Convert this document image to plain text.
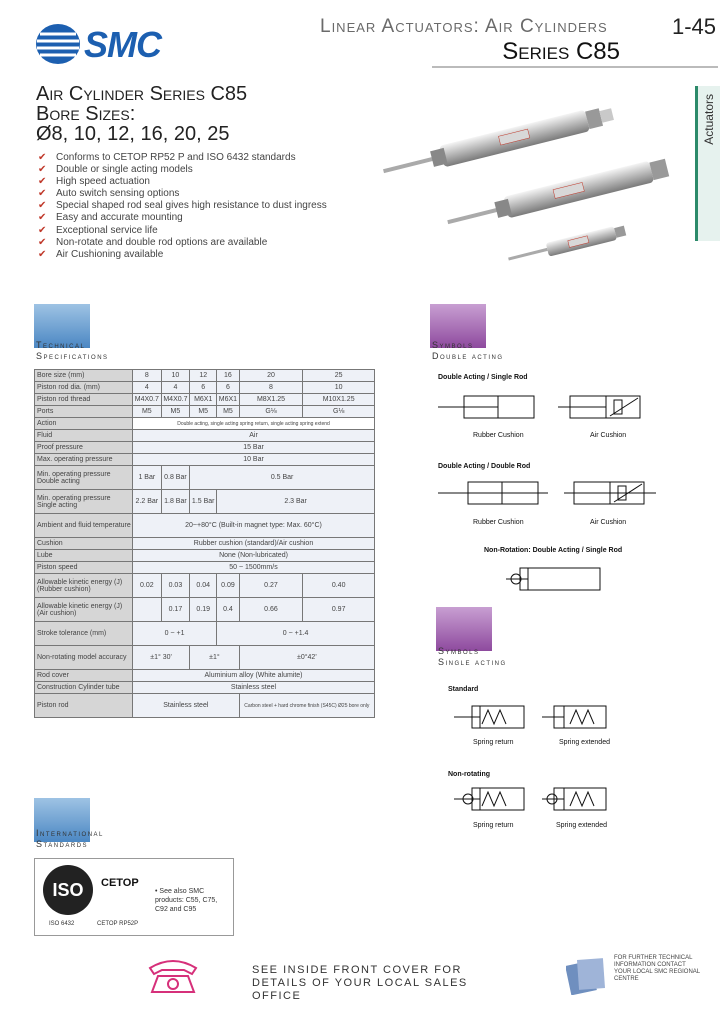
SMC	Linear Actuators: Air Cylinders
Series C85
1-45
Actuators
Air Cylinder Series C85
Bore Sizes:
Ø8, 10, 12, 16, 20, 25
✔ Conforms to CETOP RP52 P and ISO 6432 standards
✔ Double or single acting models
✔ High speed actuation
✔ Auto switch sensing options
✔ Special shaped rod seal gives high resistance to dust ingress
✔ Easy and accurate mounting
✔ Exceptional service life
✔ Non-rotate and double rod options are available
✔ Air Cushioning available
Technical
Specifications
Bore size (mm)	8	10	12	16	20	25
Piston rod dia. (mm)	4	4	6	6	8	10
Piston rod thread	M4X0.7	M4X0.7	M6X1	M6X1	M8X1.25	M10X1.25
Ports	M5	M5	M5	M5	G⅛	G⅛
Action	Double acting, single acting spring return, single acting spring extend					
Fluid	Air					
Proof pressure	15 Bar					
Max. operating pressure	10 Bar					
Min. operating pressure Double acting	1 Bar	0.8 Bar	0.5 Bar			
Min. operating pressure Single acting	2.2 Bar	1.8 Bar	1.5 Bar	2.3 Bar		
Ambient and fluid temperature	20~+80°C (Built-in magnet type: Max. 60°C)					
Cushion	Rubber cushion (standard)/Air cushion					
Lube	None (Non-lubricated)					
Piston speed	50 ~ 1500mm/s					
Allowable kinetic energy (J) (Rubber cushion)	0.02	0.03	0.04	0.09	0.27	0.40
Allowable kinetic energy (J) (Air cushion)		0.17	0.19	0.4	0.66	0.97
Stroke tolerance (mm)	0 ~ +1			0 ~ +1.4		
Non-rotating model accuracy	±1° 30'		±1°		±0°42'	
Rod cover	Aluminium alloy (White alumite)					
Construction Cylinder tube	Stainless steel					
Piston rod	Stainless steel				Carbon steel + hard chrome finish (S45C) Ø25 bore only	
International
Standards
ISO	CETOP
• See also SMC products: C55, C75, C92 and C95
ISO 6432	CETOP RP52P
Symbols
Double acting
Double Acting / Single Rod
Rubber Cushion	Air Cushion
Double Acting / Double Rod
Rubber Cushion	Air Cushion
Non-Rotation: Double Acting / Single Rod
Symbols
Single acting
Standard
Spring return	Spring extended
Non-rotating
Spring return	Spring extended
SEE INSIDE FRONT COVER FOR
DETAILS OF YOUR LOCAL SALES OFFICE
FOR FURTHER TECHNICAL INFORMATION CONTACT YOUR LOCAL SMC REGIONAL CENTRE
